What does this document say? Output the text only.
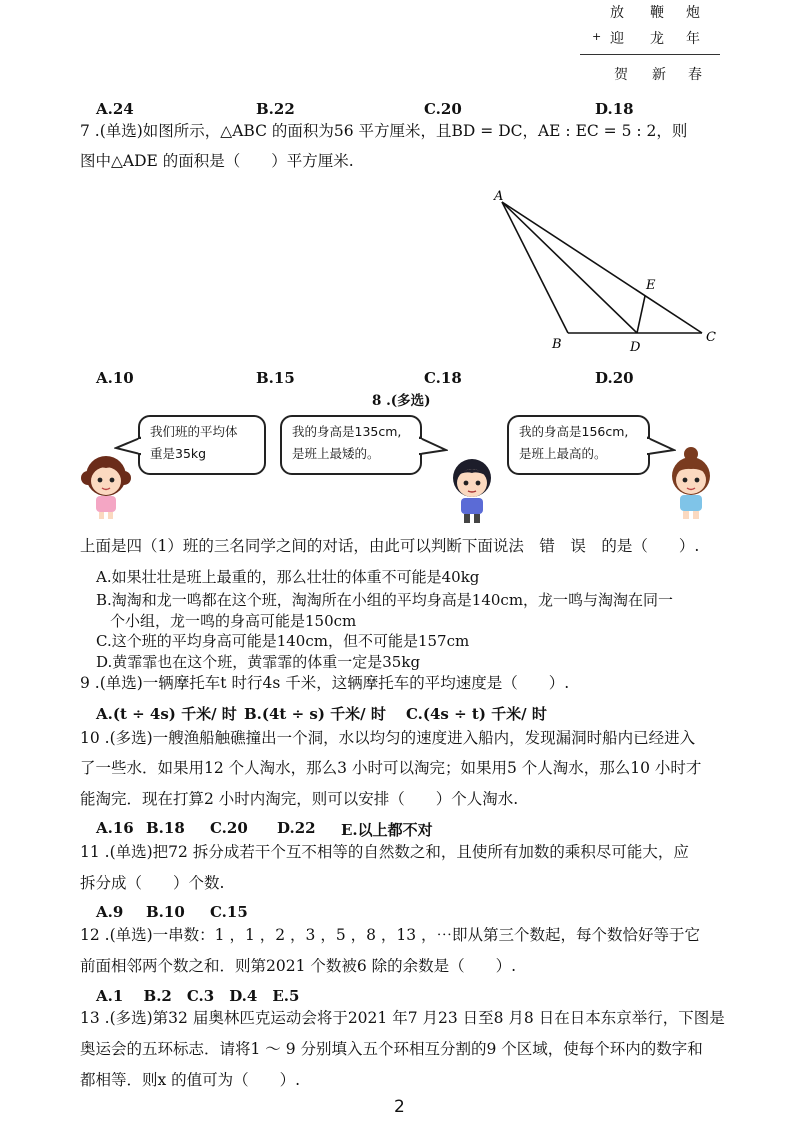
放 鞭 炮
+ 迎 龙 年
贺 新 春
A.24	B.22	C.20	D.18
7 .(单选)如图所示，△ABC 的面积为56 平方厘米，且BD = DC，AE : EC = 5 : 2，则
图中△ADE 的面积是（　　）平方厘米.
A
E
B	D
C
A.10	B.15	C.18	D.20
8 .(多选)
我们班的平均体
重是35kg
我的身高是135cm,
是班上最矮的。
我的身高是156cm,
是班上最高的。
上面是四（1）班的三名同学之间的对话，由此可以判断下面说法　错　误　的是（　　）.
A.如果壮壮是班上最重的，那么壮壮的体重不可能是40kg
B.淘淘和龙一鸣都在这个班，淘淘所在小组的平均身高是140cm，龙一鸣与淘淘在同一
个小组，龙一鸣的身高可能是150cm
C.这个班的平均身高可能是140cm，但不可能是157cm
D.黄霏霏也在这个班，黄霏霏的体重一定是35kg
9 .(单选)一辆摩托车t 时行4s 千米，这辆摩托车的平均速度是（　　）.
A.(t ÷ 4s) 千米/ 时 B.(4t ÷ s) 千米/ 时 C.(4s ÷ t) 千米/ 时
10 .(多选)一艘渔船触礁撞出一个洞，水以均匀的速度进入船内，发现漏洞时船内已经进入
了一些水．如果用12 个人淘水，那么3 小时可以淘完；如果用5 个人淘水，那么10 小时才
能淘完．现在打算2 小时内淘完，则可以安排（　　）个人淘水.
A.16 B.18 C.20 D.22 E.以上都不对
11 .(单选)把72 拆分成若干个互不相等的自然数之和，且使所有加数的乘积尽可能大，应
拆分成（　　）个数.
A.9 B.10 C.15
12 .(单选)一串数：1 ，1 ，2 ，3 ，5 ，8 ，13 ，⋯即从第三个数起，每个数恰好等于它
前面相邻两个数之和．则第2021 个数被6 除的余数是（　　）.
A.1　 B.2　C.3　D.4　E.5
13 .(多选)第32 届奥林匹克运动会将于2021 年7 月23 日至8 月8 日在日本东京举行，下图是
奥运会的五环标志．请将1 ～ 9 分别填入五个环相互分割的9 个区域，使每个环内的数字和
都相等．则x 的值可为（　　）.
2
